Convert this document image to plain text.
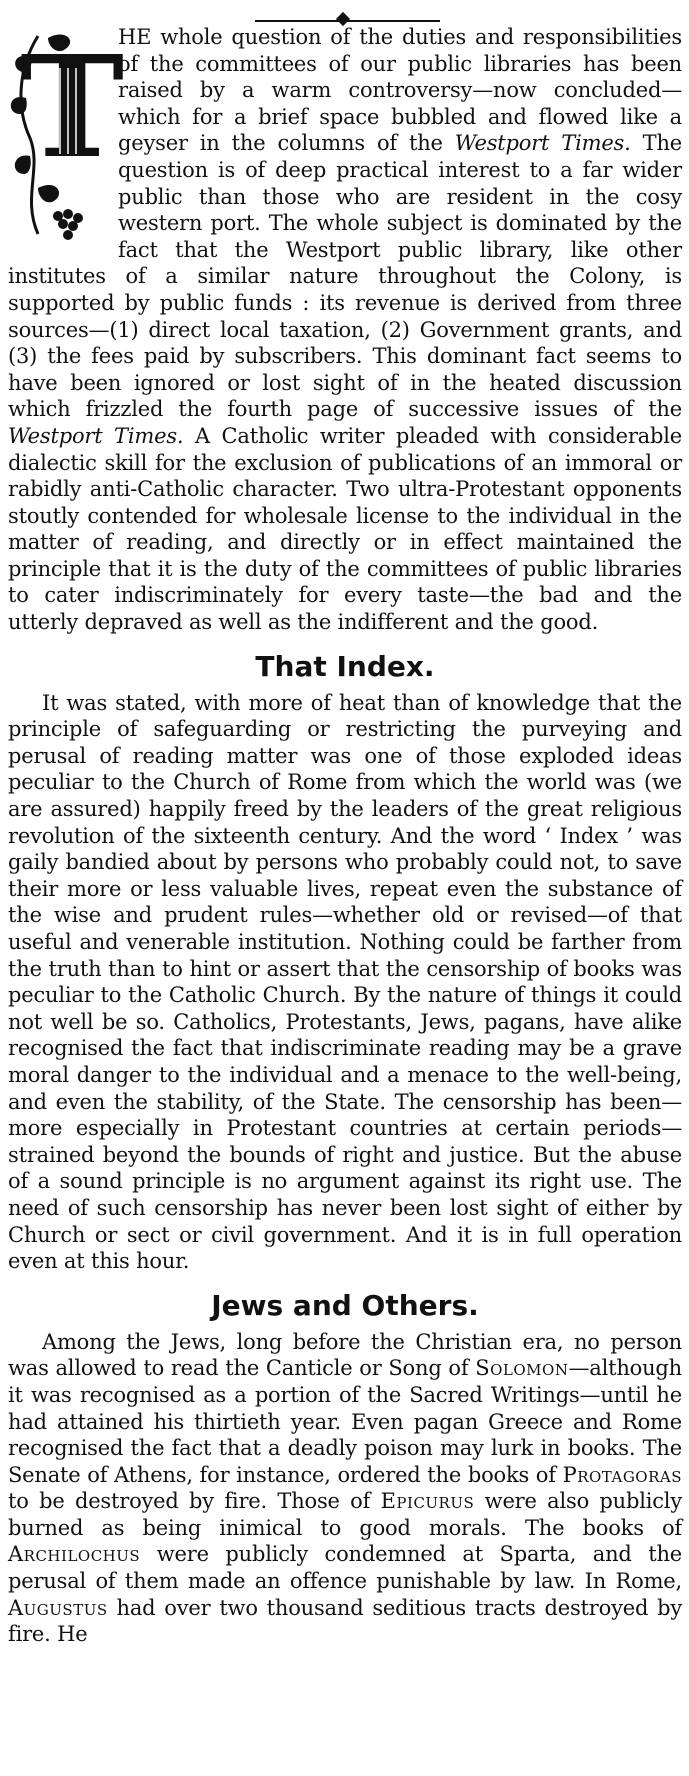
T
HE whole question of the duties and responsibilities of the committees of our public libraries has been raised by a warm controversy—now concluded—which for a brief space bubbled and flowed like a geyser in the columns of the Westport Times. The question is of deep practical interest to a far wider public than those who are resident in the cosy western port. The whole subject is dominated by the fact that the Westport public library, like other institutes of a similar nature throughout the Colony, is supported by public funds : its revenue is derived from three sources—(1) direct local taxation, (2) Government grants, and (3) the fees paid by subscribers. This dominant fact seems to have been ignored or lost sight of in the heated discussion which frizzled the fourth page of successive issues of the Westport Times. A Catholic writer pleaded with considerable dialectic skill for the exclusion of publications of an immoral or rabidly anti-Catholic character. Two ultra-Protestant opponents stoutly contended for wholesale license to the individual in the matter of reading, and directly or in effect maintained the principle that it is the duty of the committees of public libraries to cater indiscriminately for every taste—the bad and the utterly depraved as well as the indifferent and the good.

That Index.

It was stated, with more of heat than of knowledge that the principle of safeguarding or restricting the purveying and perusal of reading matter was one of those exploded ideas peculiar to the Church of Rome from which the world was (we are assured) happily freed by the leaders of the great religious revolution of the sixteenth century. And the word ‘ Index ’ was gaily bandied about by persons who probably could not, to save their more or less valuable lives, repeat even the substance of the wise and prudent rules—whether old or revised—of that useful and venerable institution. Nothing could be farther from the truth than to hint or assert that the censorship of books was peculiar to the Catholic Church. By the nature of things it could not well be so. Catholics, Protestants, Jews, pagans, have alike recognised the fact that indiscriminate reading may be a grave moral danger to the individual and a menace to the well-being, and even the stability, of the State. The censorship has been—more especially in Protestant countries at certain periods—strained beyond the bounds of right and justice. But the abuse of a sound principle is no argument against its right use. The need of such censorship has never been lost sight of either by Church or sect or civil government. And it is in full operation even at this hour.

Jews and Others.

Among the Jews, long before the Christian era, no person was allowed to read the Canticle or Song of Solomon—although it was recognised as a portion of the Sacred Writings—until he had attained his thirtieth year. Even pagan Greece and Rome recognised the fact that a deadly poison may lurk in books. The Senate of Athens, for instance, ordered the books of Protagoras to be destroyed by fire. Those of Epicurus were also publicly burned as being inimical to good morals. The books of Archilochus were publicly condemned at Sparta, and the perusal of them made an offence punishable by law. In Rome, Augustus had over two thousand seditious tracts destroyed by fire. He
